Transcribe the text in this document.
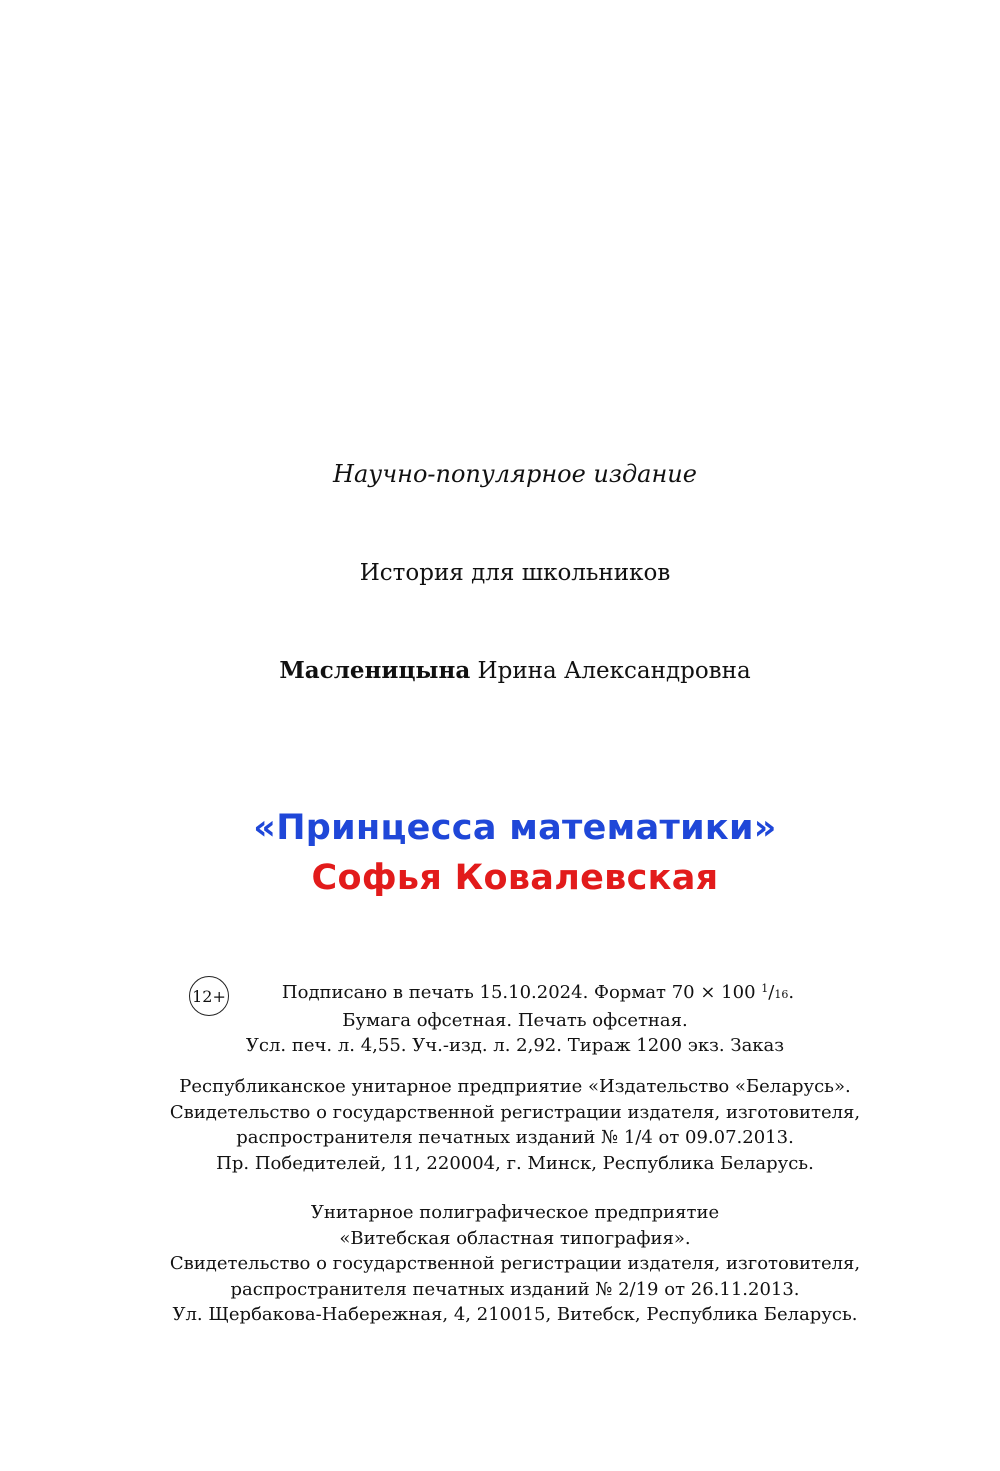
Научно-популярное издание
История для школьников
Масленицына Ирина Александровна
«Принцесса математики»
Софья Ковалевская
12+	Подписано в печать 15.10.2024. Формат 70 × 100 $^1$/16.
Бумага офсетная. Печать офсетная.
Усл. печ. л. 4,55. Уч.-изд. л. 2,92. Тираж 1200 экз. Заказ
Республиканское унитарное предприятие «Издательство «Беларусь».
Свидетельство о государственной регистрации издателя, изготовителя,
распространителя печатных изданий № 1/4 от 09.07.2013.
Пр. Победителей, 11, 220004, г. Минск, Республика Беларусь.
Унитарное полиграфическое предприятие
«Витебская областная типография».
Свидетельство о государственной регистрации издателя, изготовителя,
распространителя печатных изданий № 2/19 от 26.11.2013.
Ул. Щербакова-Набережная, 4, 210015, Витебск, Республика Беларусь.
